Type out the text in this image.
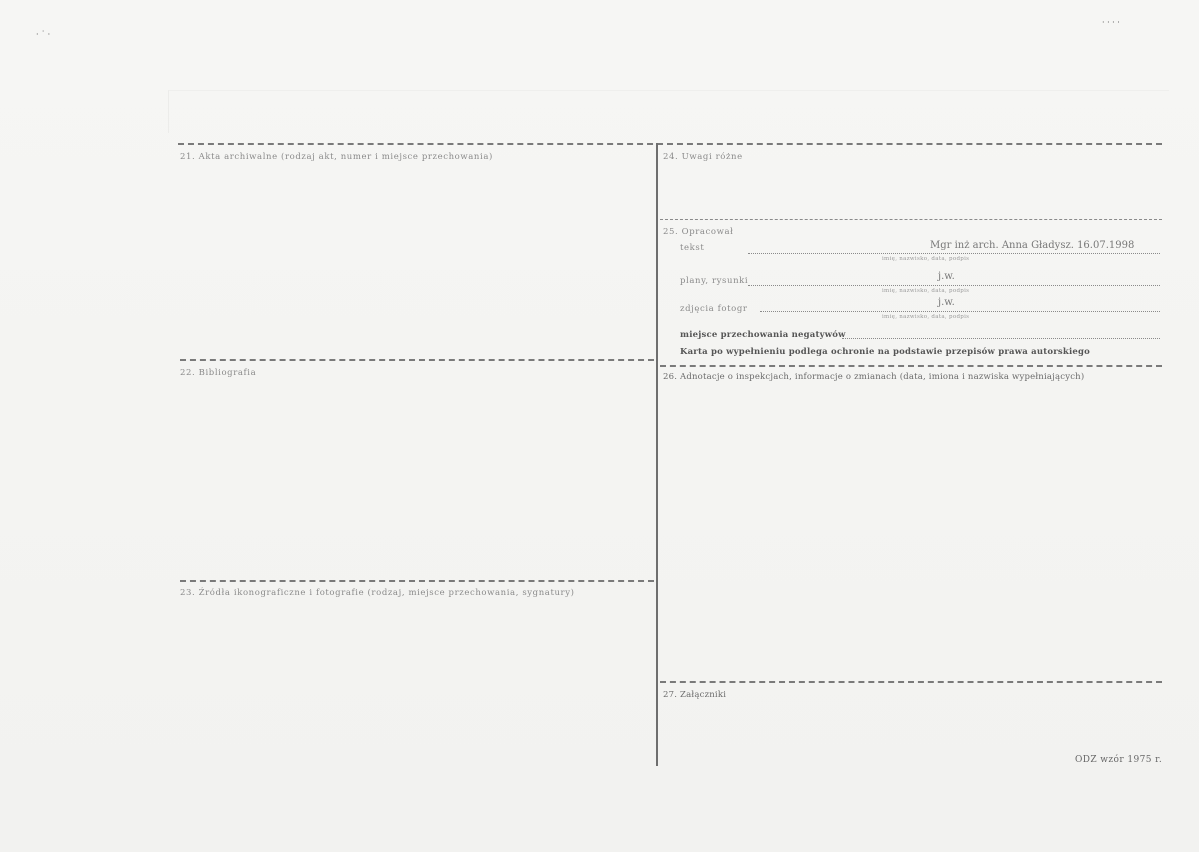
· ˙ ·
· · · ·
21. Akta archiwalne (rodzaj akt, numer i miejsce przechowania)
22. Bibliografia
23. Źródła ikonograficzne i fotografie (rodzaj, miejsce przechowania, sygnatury)
24. Uwagi różne
25. Opracował
26. Adnotacje o inspekcjach, informacje o zmianach (data, imiona i nazwiska wypełniających)
27. Załączniki
tekst	Mgr inż arch. Anna Gładysz. 16.07.1998
imię, nazwisko, data, podpis
plany, rysunki	j.w.
imię, nazwisko, data, podpis
zdjęcia fotogr
j.w.
imię, nazwisko, data, podpis
miejsce przechowania negatywów
Karta po wypełnieniu podlega ochronie na podstawie przepisów prawa autorskiego
ODZ wzór 1975 r.
